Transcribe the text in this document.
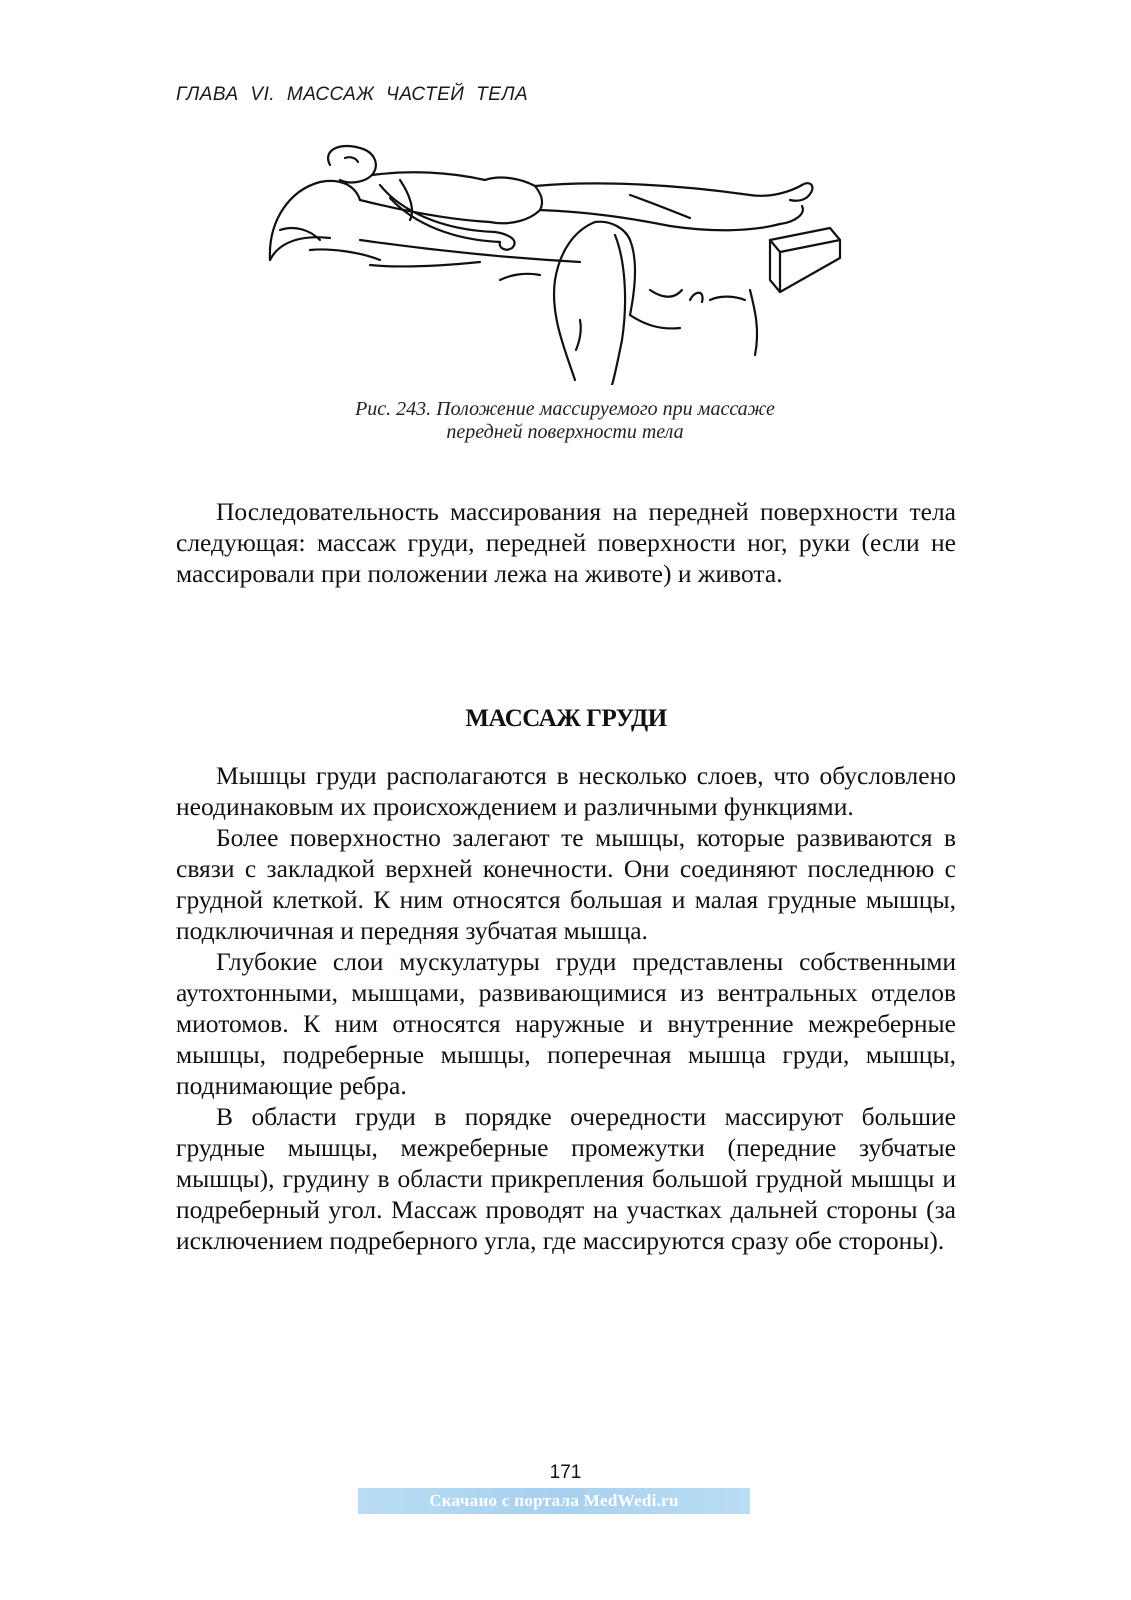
ГЛАВА VI. МАССАЖ ЧАСТЕЙ ТЕЛА
Рис. 243. Положение массируемого при массаже
передней поверхности тела

Последовательность массирования на передней поверхности тела следующая: массаж груди, передней поверхности ног, руки (если не массировали при положении лежа на животе) и живота.

МАССАЖ ГРУДИ

Мышцы груди располагаются в несколько слоев, что обусловлено неодинаковым их происхождением и различными функциями.

Более поверхностно залегают те мышцы, которые развиваются в связи с закладкой верхней конечности. Они соединяют последнюю с грудной клеткой. К ним относятся большая и малая грудные мышцы, подключичная и передняя зубчатая мышца.

Глубокие слои мускулатуры груди представлены собственными аутохтонными, мышцами, развивающимися из вентральных отделов миотомов. К ним относятся наружные и внутренние межреберные мышцы, подреберные мышцы, поперечная мышца груди, мышцы, поднимающие ребра.

В области груди в порядке очередности массируют большие грудные мышцы, межреберные промежутки (передние зубчатые мышцы), грудину в области прикрепления большой грудной мышцы и подреберный угол. Массаж проводят на участках дальней стороны (за исключением подреберного угла, где массируются сразу обе стороны).

171
Скачано с портала MedWedi.ru
